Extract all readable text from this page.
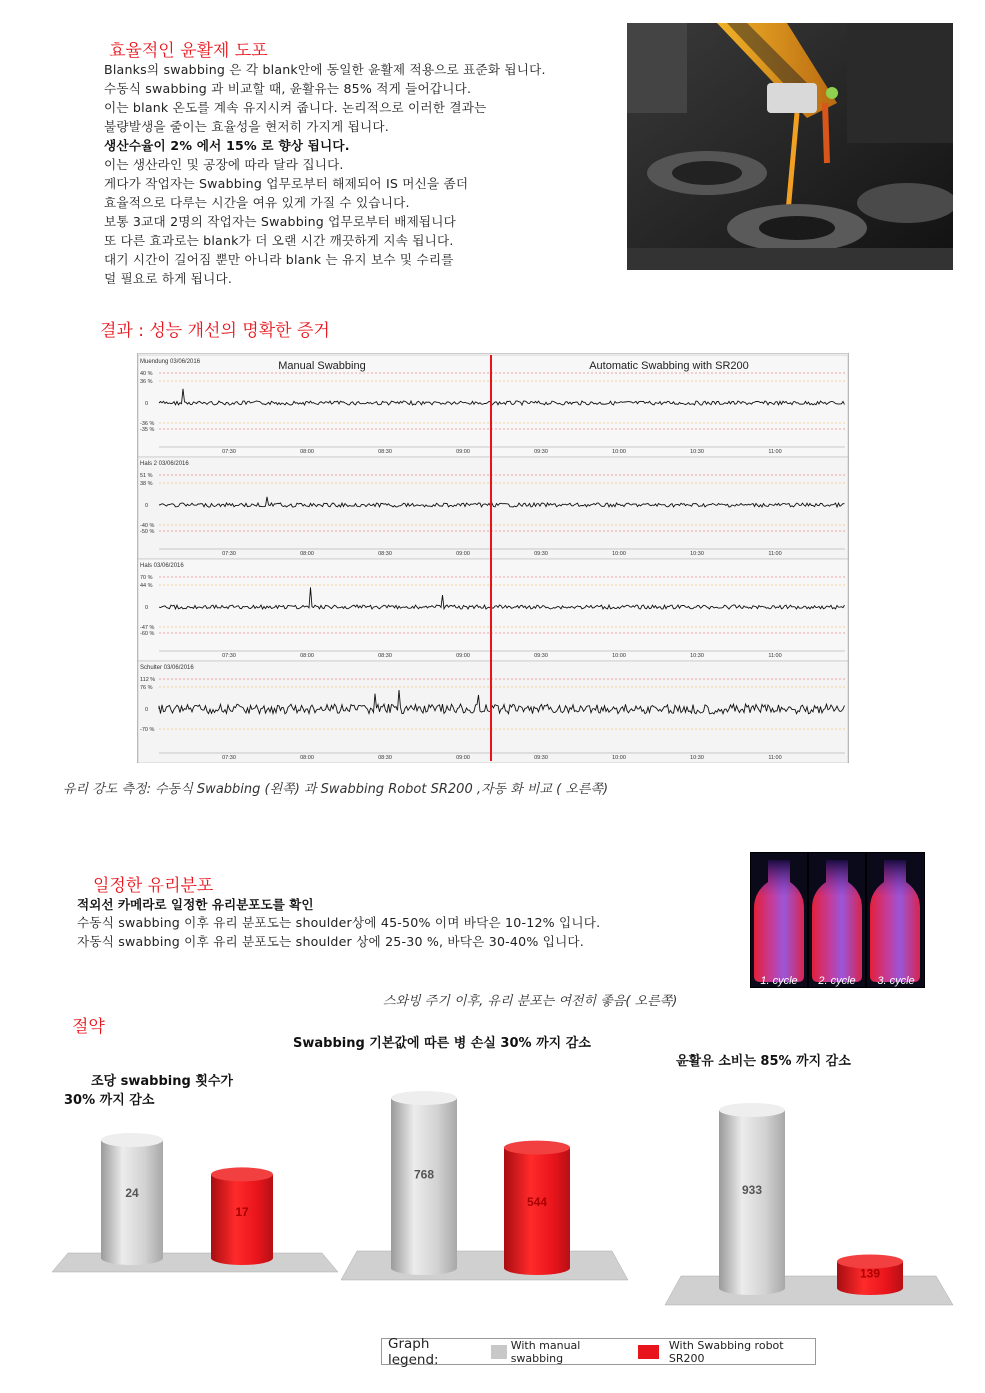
효율적인 윤활제 도포
Blanks의 swabbing 은 각 blank안에 동일한 윤활제 적용으로 표준화 됩니다.
수동식 swabbing 과 비교할 때, 윤활유는 85% 적게 들어갑니다.
이는 blank 온도를 계속 유지시켜 줍니다. 논리적으로 이러한 결과는
불량발생을 줄이는 효율성을 현저히 가지게 됩니다.
생산수율이 2% 에서 15% 로 향상 됩니다.
이는 생산라인 및 공장에 따라 달라 집니다.
게다가 작업자는 Swabbing 업무로부터 해제되어 IS 머신을 좀더
효율적으로 다루는 시간을 여유 있게 가질 수 있습니다.
보통 3교대 2명의 작업자는 Swabbing 업무로부터 배제됩니다
또 다른 효과로는 blank가 더 오랜 시간 깨끗하게 지속 됩니다.
대기 시간이 길어짐 뿐만 아니라 blank 는 유지 보수 및 수리를
덜 필요로 하게 됩니다.
결과 : 성능 개선의 명확한 증거
Muendung 03/06/2016
40 %
36 %
-36 %
-35 %
0
07:30	08:00	08:30	09:00	09:30	10:00	10:30	11:00
Hals 2 03/06/2016
51 %
38 %
-40 %
-50 %
0
07:30	08:00	08:30	09:00	09:30	10:00	10:30	11:00
Hals 03/06/2016
70 %
44 %
-47 %
-60 %
0
07:30	08:00	08:30	09:00	09:30	10:00	10:30	11:00
Schulter 03/06/2016
112 %
76 %
-70 %
0
07:30	08:00	08:30	09:00	09:30	10:00	10:30	11:00
Manual Swabbing	Automatic Swabbing with SR200
유리 강도 측정: 수동식 Swabbing (왼쪽) 과 Swabbing Robot SR200 ,자동 화 비교 ( 오른쪽)
일정한 유리분포
적외선 카메라로 일정한 유리분포도를 확인
수동식 swabbing 이후 유리 분포도는 shoulder상에 45-50% 이며 바닥은 10-12% 입니다.
자동식 swabbing 이후 유리 분포도는 shoulder 상에 25-30 %, 바닥은 30-40% 입니다.
1. cycle 2. cycle 3. cycle
스와빙 주기 이후, 유리 분포는 여전히 좋음( 오른쪽)
절약
조당 swabbing 횟수가
30% 까지 감소
Swabbing 기본값에 따른 병 손실 30% 까지 감소
윤활유 소비는 85% 까지 감소
24
17
768
544
933
139
Graph legend:
With manual swabbing
With Swabbing robot SR200
